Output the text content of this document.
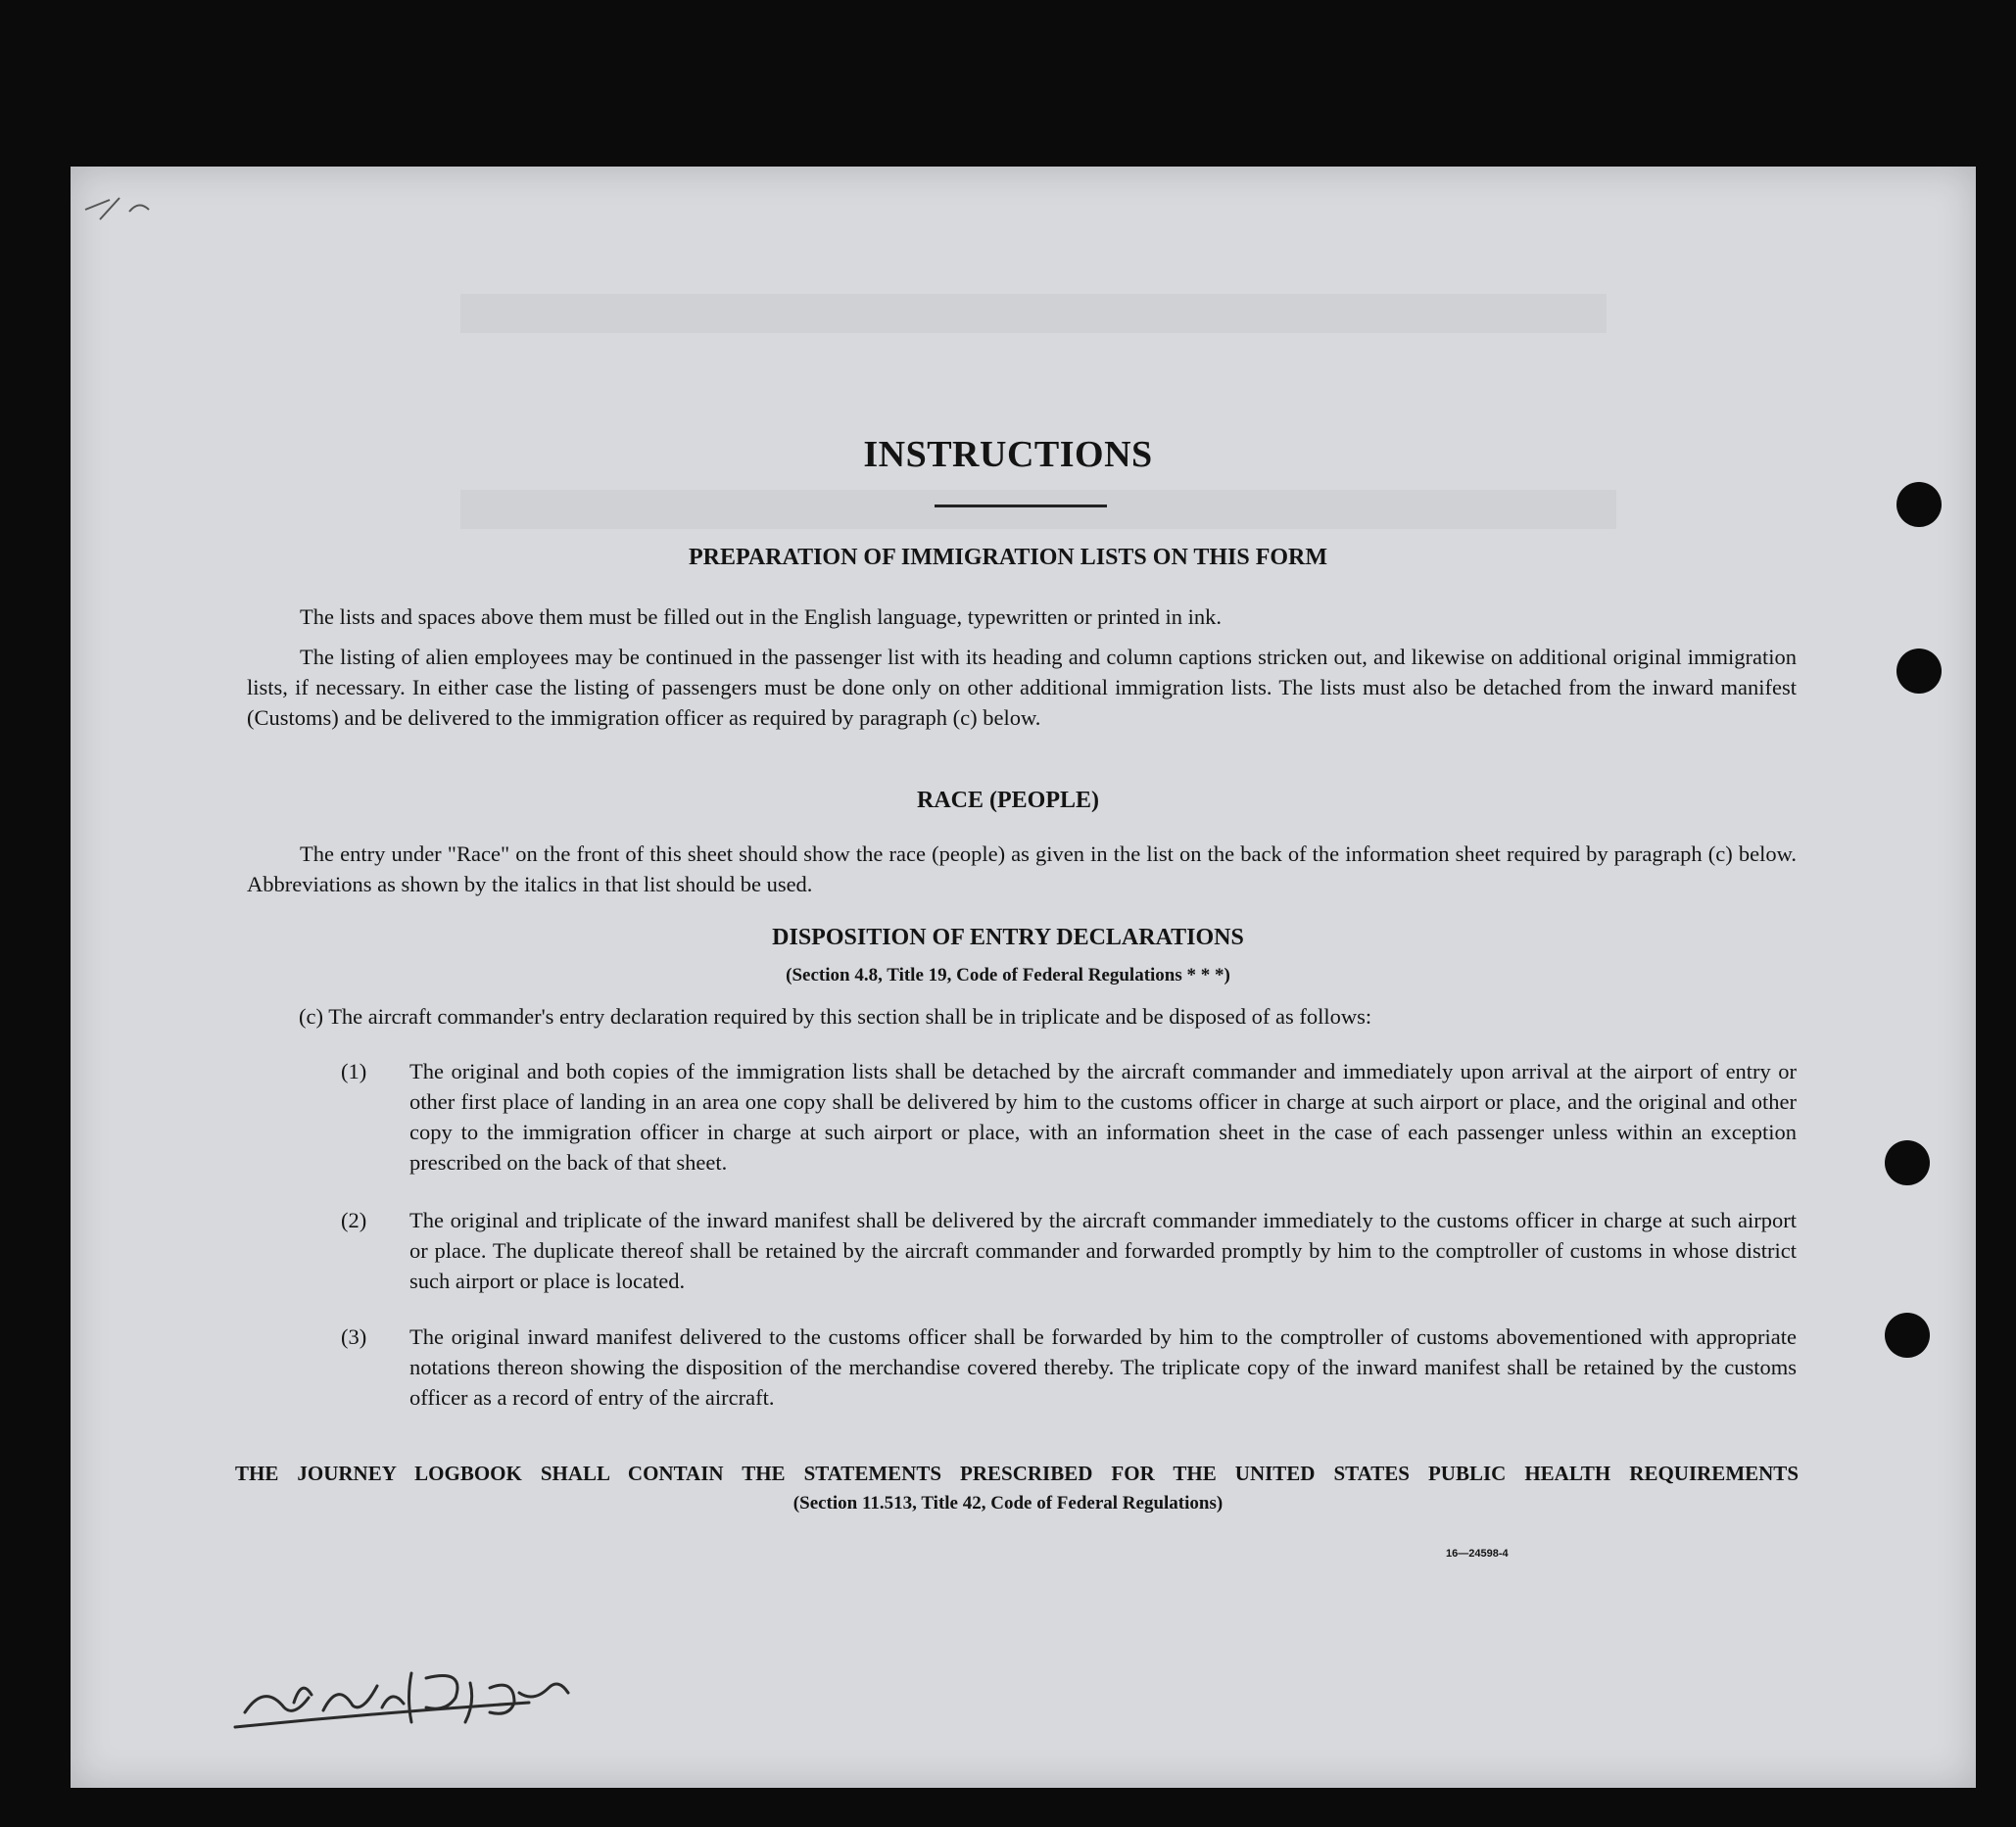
INSTRUCTIONS
PREPARATION OF IMMIGRATION LISTS ON THIS FORM
The lists and spaces above them must be filled out in the English language, typewritten or printed in ink.
The listing of alien employees may be continued in the passenger list with its heading and column captions stricken out, and likewise on additional original immigration lists, if necessary. In either case the listing of passengers must be done only on other additional immigration lists. The lists must also be detached from the inward manifest (Customs) and be delivered to the immigration officer as required by paragraph (c) below.
RACE (PEOPLE)
The entry under "Race" on the front of this sheet should show the race (people) as given in the list on the back of the information sheet required by paragraph (c) below. Abbreviations as shown by the italics in that list should be used.
DISPOSITION OF ENTRY DECLARATIONS
(Section 4.8, Title 19, Code of Federal Regulations * * *)
(c) The aircraft commander's entry declaration required by this section shall be in triplicate and be disposed of as follows:
(1) The original and both copies of the immigration lists shall be detached by the aircraft commander and immediately upon arrival at the airport of entry or other first place of landing in an area one copy shall be delivered by him to the customs officer in charge at such airport or place, and the original and other copy to the immigration officer in charge at such airport or place, with an information sheet in the case of each passenger unless within an exception prescribed on the back of that sheet.
(2) The original and triplicate of the inward manifest shall be delivered by the aircraft commander immediately to the customs officer in charge at such airport or place. The duplicate thereof shall be retained by the aircraft commander and forwarded promptly by him to the comptroller of customs in whose district such airport or place is located.
(3) The original inward manifest delivered to the customs officer shall be forwarded by him to the comptroller of customs abovementioned with appropriate notations thereon showing the disposition of the merchandise covered thereby. The triplicate copy of the inward manifest shall be retained by the customs officer as a record of entry of the aircraft.
THE JOURNEY LOGBOOK SHALL CONTAIN THE STATEMENTS PRESCRIBED FOR THE UNITED STATES PUBLIC HEALTH REQUIREMENTS
(Section 11.513, Title 42, Code of Federal Regulations)
16—24598-4
